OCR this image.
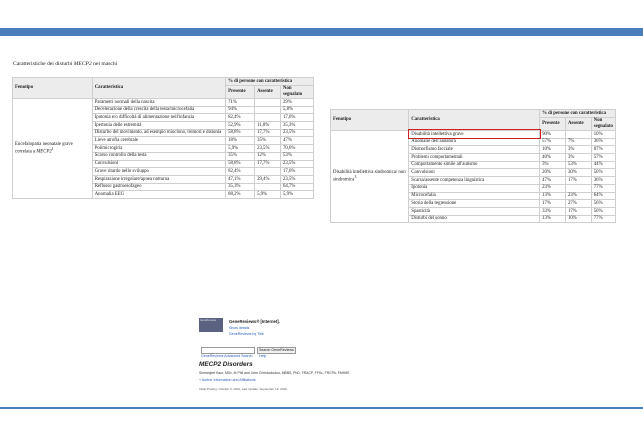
Caratteristiche dei disturbi MECP2 nei maschi
Fenotipo	Caratteristica	% di persone con caratteristica		
		Presente	Assente	Non segnalato
Encefalopatia neonatale grave correlata a $MECP2^1$	Parametri normali della nascita	71%		29%
	Decelerazione della crescita della testa/microcefalia	94%		5,8%
	Ipotonia e/o difficoltà di alimentazione nell'infanzia	82,4%		17,6%
	Ipertonia delle estremità	52,9%	11,8%	35,3%
	Disturbo del movimento, ad esempio mioclono, tremori e distonia	58,8%	17,7%	23,5%
	Lieve atrofia cerebrale	18%	35%	47%
	Polimicrogiria	5,9%	23,5%	70,6%
	Scarso controllo della testa	35%	12%	53%
	Convulsioni	58,8%	17,7%	23,5%
	Grave ritardo nello sviluppo	82,4%		17,6%
	Respirazione irregolare/apnea notturna	47,1%	29,4%	23,5%
	Reflusso gastroesofageo	35,3%		64,7%
	Anomalia EEG	88,2%	5,9%	5,9%
Fenotipo	Caratteristica	% di persone con caratteristica		
		Presente	Assente	Non segnalato
Disabilità intellettiva sindromica/ non sindromica$^3$	Disabilità intellettiva grave	90%		10%
	Anomalie dell'andatura	57%	7%	36%
	Dismorfismo facciale	10%	3%	87%
	Problemi comportamentali	40%	3%	57%
	Comportamento simile all'autismo	3%	53%	44%
	Convulsioni	20%	30%	50%
	Scarsa/assente competenza linguistica	47%	17%	36%
	Ipotonia	23%		77%
	Microcefalia	13%	23%	64%
	Storia della regressione	17%	27%	56%
	Spasticità	33%	17%	50%
	Disturbi del sonno	13%	10%	77%
GeneReviews	GeneReviews® [Internet].
Show details
GeneReviews by Title
Search GeneReviews
GeneReviews Advanced Search Help
MECP2 Disorders
Simranjeet Kaur, MSc, M Phil and John Christodoulou, MBBS, PhD, FRACP, FFSc, FRCPA, FAHMS
+ Author Information and Affiliations
Initial Posting: October 3, 2001; Last Update: September 19, 2019.
